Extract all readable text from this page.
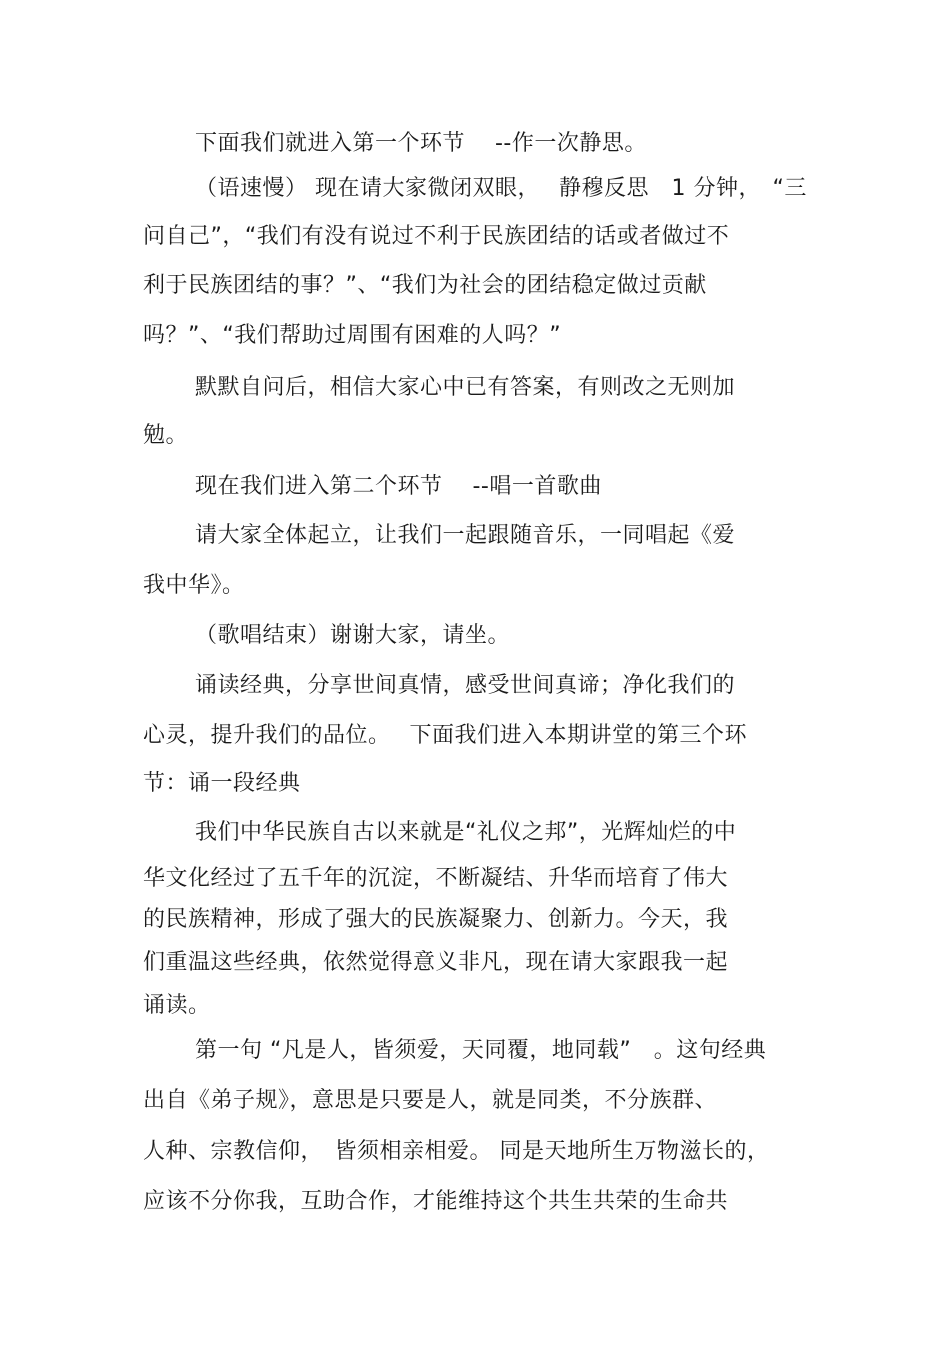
下面我们就进入第一个环节　 --作一次静思。
（语速慢） 现在请大家微闭双眼，　 静穆反思　1 分钟，　“三
问自己”，“我们有没有说过不利于民族团结的话或者做过不
利于民族团结的事？”、“我们为社会的团结稳定做过贡献
吗？”、“我们帮助过周围有困难的人吗？”
默默自问后，相信大家心中已有答案，有则改之无则加
勉。
现在我们进入第二个环节　 --唱一首歌曲
请大家全体起立，让我们一起跟随音乐，一同唱起《爱
我中华》。
（歌唱结束）谢谢大家，请坐。
诵读经典，分享世间真情，感受世间真谛；净化我们的
心灵，提升我们的品位。　 下面我们进入本期讲堂的第三个环
节：诵一段经典
我们中华民族自古以来就是“礼仪之邦”，光辉灿烂的中
华文化经过了五千年的沉淀，不断凝结、升华而培育了伟大
的民族精神，形成了强大的民族凝聚力、创新力。今天，我
们重温这些经典，依然觉得意义非凡，现在请大家跟我一起
诵读。
第一句 “凡是人，皆须爱，天同覆，地同载”　。这句经典
出自《弟子规》，意思是只要是人，就是同类，不分族群、
人种、宗教信仰，　皆须相亲相爱。 同是天地所生万物滋长的，
应该不分你我，互助合作，才能维持这个共生共荣的生命共
